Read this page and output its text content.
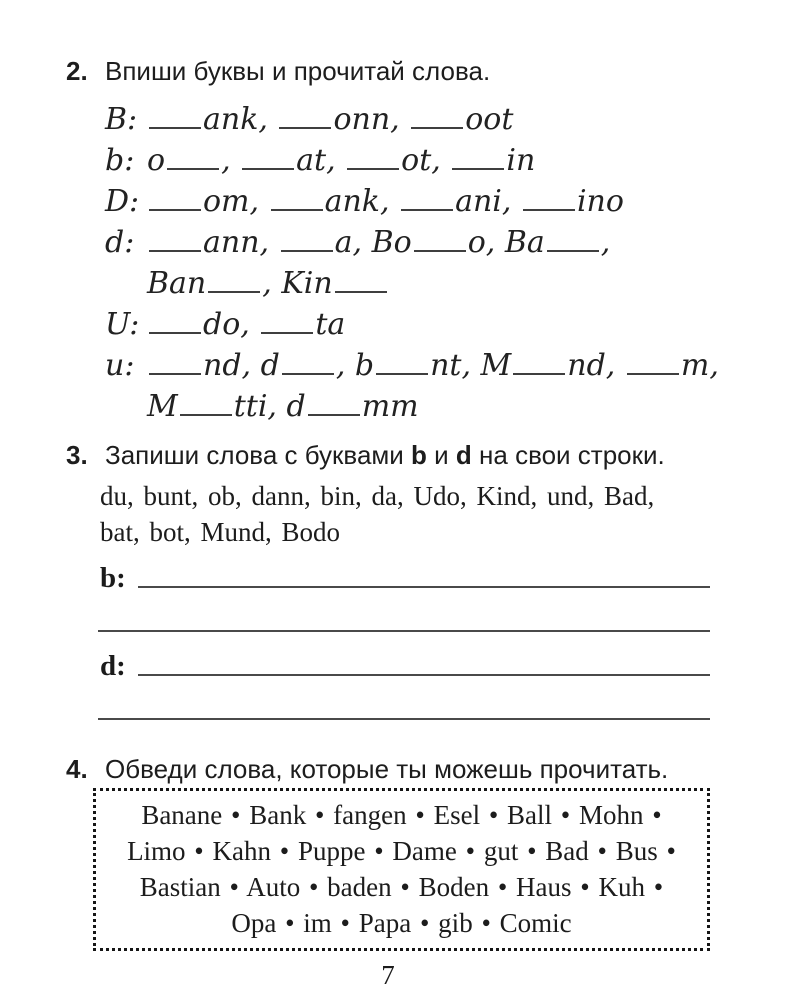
2. Впиши буквы и прочитай слова.
B: ank, onn, oot
b: o , at, ot, in
D: om, ank, ani, ino
d: ann, a, Bo o, Ba ,
Ban , Kin
U: do, ta
u: nd, d , b nt, M nd, m,
M tti, d mm
3. Запиши слова с буквами b и d на свои строки.
du, bunt, ob, dann, bin, da, Udo, Kind, und, Bad,
bat, bot, Mund, Bodo
b:
d:
4. Обведи слова, которые ты можешь прочитать.
Banane • Bank • fangen • Esel • Ball • Mohn •
Limo • Kahn • Puppe • Dame • gut • Bad • Bus •
Bastian • Auto • baden • Boden • Haus • Kuh •
Opa • im • Papa • gib • Comic
7
